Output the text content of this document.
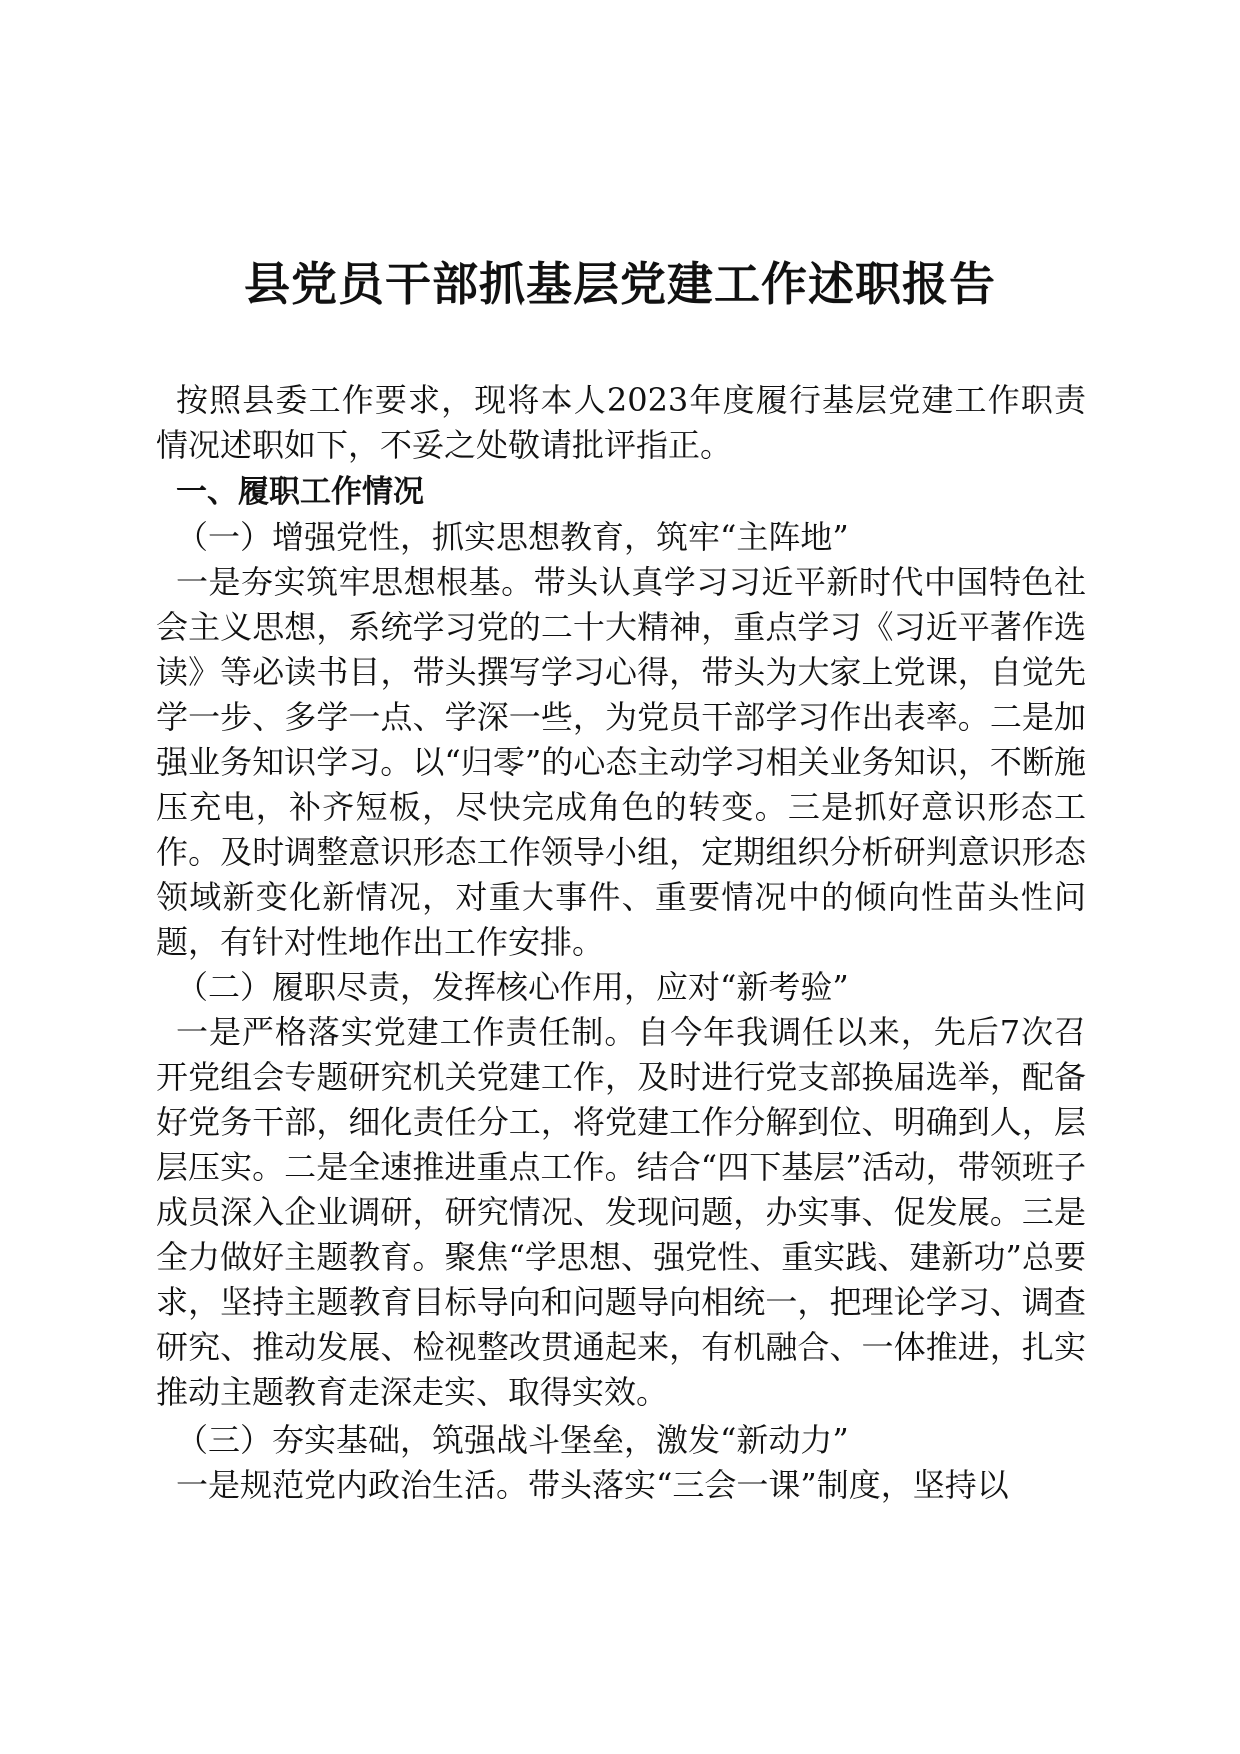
县党员干部抓基层党建工作述职报告

按照县委工作要求，现将本人2023年度履行基层党建工作职责情况述职如下，不妥之处敬请批评指正。

一、履职工作情况
（一）增强党性，抓实思想教育，筑牢“主阵地”

一是夯实筑牢思想根基。带头认真学习习近平新时代中国特色社会主义思想，系统学习党的二十大精神，重点学习《习近平著作选读》等必读书目，带头撰写学习心得，带头为大家上党课，自觉先学一步、多学一点、学深一些，为党员干部学习作出表率。二是加强业务知识学习。以“归零”的心态主动学习相关业务知识，不断施压充电，补齐短板，尽快完成角色的转变。三是抓好意识形态工作。及时调整意识形态工作领导小组，定期组织分析研判意识形态领域新变化新情况，对重大事件、重要情况中的倾向性苗头性问题，有针对性地作出工作安排。

（二）履职尽责，发挥核心作用，应对“新考验”

一是严格落实党建工作责任制。自今年我调任以来，先后7次召开党组会专题研究机关党建工作，及时进行党支部换届选举，配备好党务干部，细化责任分工，将党建工作分解到位、明确到人，层层压实。二是全速推进重点工作。结合“四下基层”活动，带领班子成员深入企业调研，研究情况、发现问题，办实事、促发展。三是全力做好主题教育。聚焦“学思想、强党性、重实践、建新功”总要求，坚持主题教育目标导向和问题导向相统一，把理论学习、调查研究、推动发展、检视整改贯通起来，有机融合、一体推进，扎实推动主题教育走深走实、取得实效。

（三）夯实基础，筑强战斗堡垒，激发“新动力”

一是规范党内政治生活。带头落实“三会一课”制度，坚持以
